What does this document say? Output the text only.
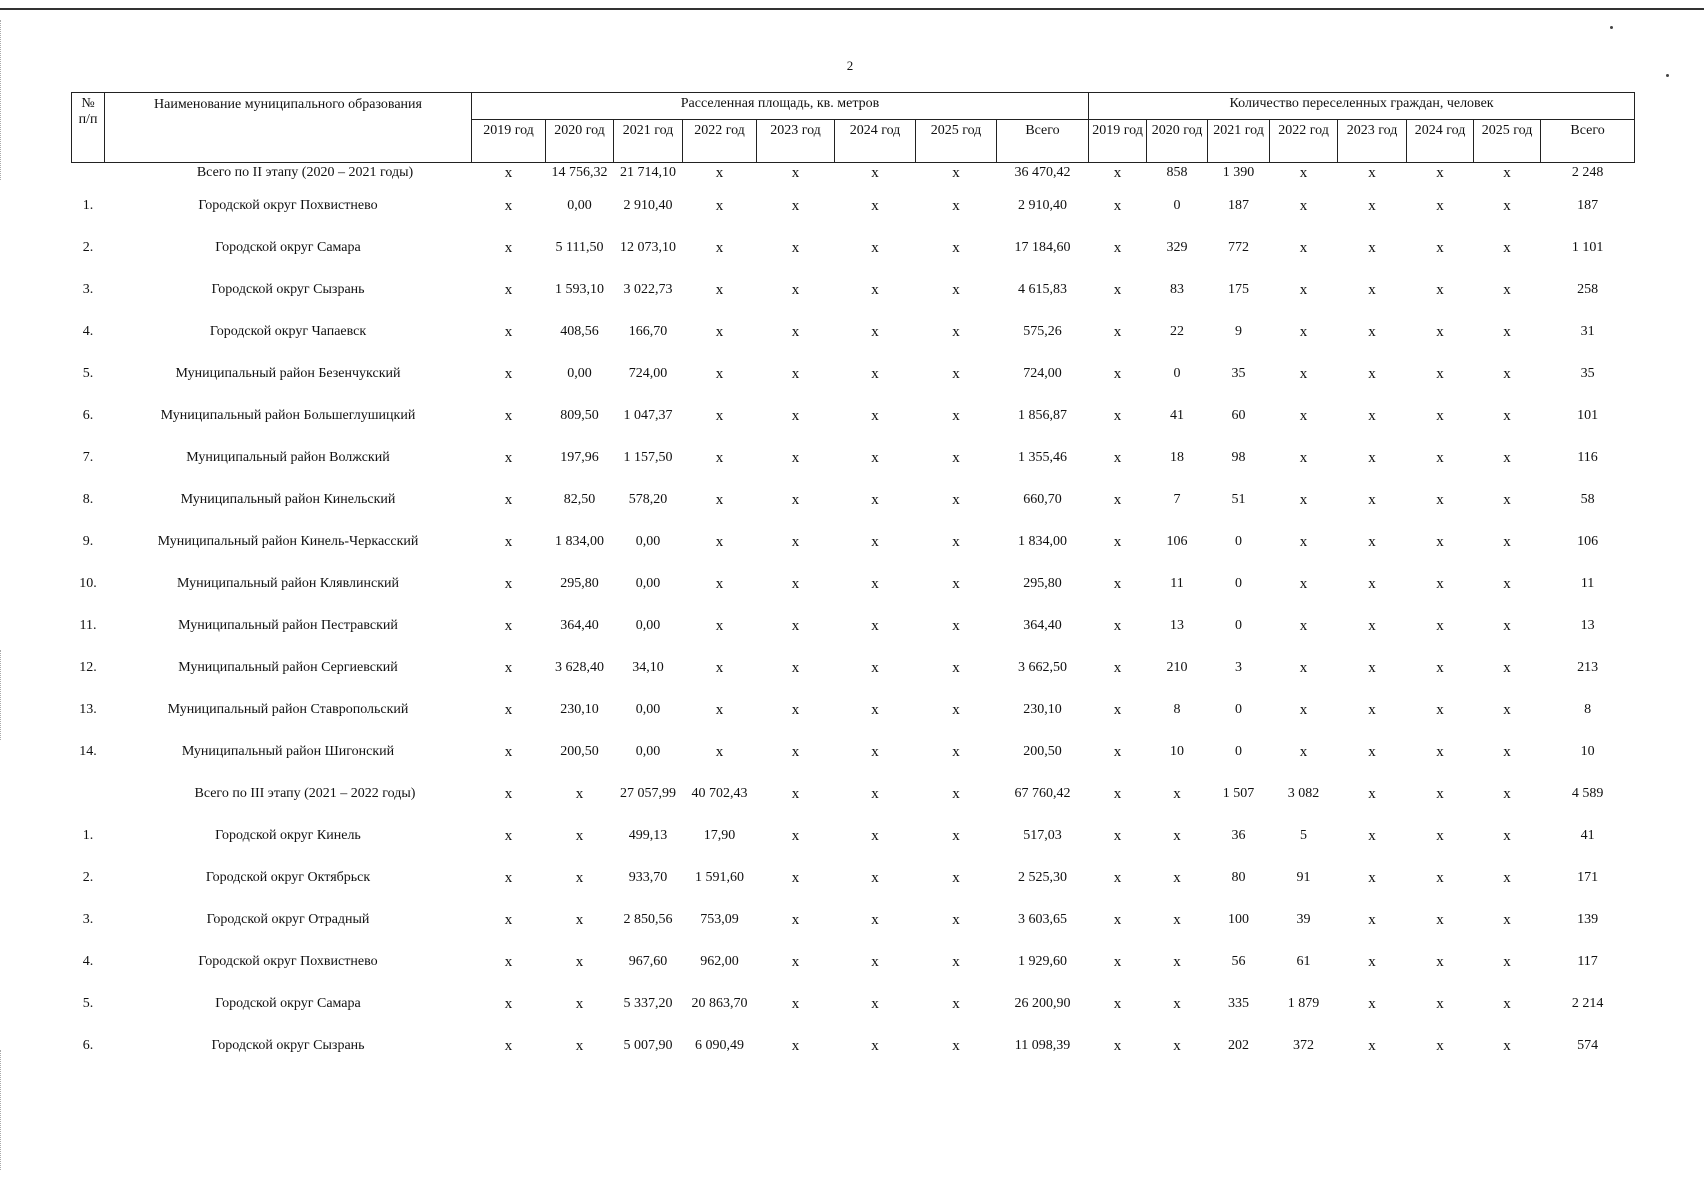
2
№ п/п	Наименование муниципального образования	Расселенная площадь, кв. метров								Количество переселенных граждан, человек							
		2019 год	2020 год	2021 год	2022 год	2023 год	2024 год	2025 год	Всего	2019 год	2020 год	2021 год	2022 год	2023 год	2024 год	2025 год	Всего
	Всего по II этапу (2020 – 2021 годы)	x	14 756,32	21 714,10	x	x	x	x	36 470,42	x	858	1 390	x	x	x	x	2 248
1.	Городской округ Похвистнево	x	0,00	2 910,40	x	x	x	x	2 910,40	x	0	187	x	x	x	x	187
2.	Городской округ Самара	x	5 111,50	12 073,10	x	x	x	x	17 184,60	x	329	772	x	x	x	x	1 101
3.	Городской округ Сызрань	x	1 593,10	3 022,73	x	x	x	x	4 615,83	x	83	175	x	x	x	x	258
4.	Городской округ Чапаевск	x	408,56	166,70	x	x	x	x	575,26	x	22	9	x	x	x	x	31
5.	Муниципальный район Безенчукский	x	0,00	724,00	x	x	x	x	724,00	x	0	35	x	x	x	x	35
6.	Муниципальный район Большеглушицкий	x	809,50	1 047,37	x	x	x	x	1 856,87	x	41	60	x	x	x	x	101
7.	Муниципальный район Волжский	x	197,96	1 157,50	x	x	x	x	1 355,46	x	18	98	x	x	x	x	116
8.	Муниципальный район Кинельский	x	82,50	578,20	x	x	x	x	660,70	x	7	51	x	x	x	x	58
9.	Муниципальный район Кинель-Черкасский	x	1 834,00	0,00	x	x	x	x	1 834,00	x	106	0	x	x	x	x	106
10.	Муниципальный район Клявлинский	x	295,80	0,00	x	x	x	x	295,80	x	11	0	x	x	x	x	11
11.	Муниципальный район Пестравский	x	364,40	0,00	x	x	x	x	364,40	x	13	0	x	x	x	x	13
12.	Муниципальный район Сергиевский	x	3 628,40	34,10	x	x	x	x	3 662,50	x	210	3	x	x	x	x	213
13.	Муниципальный район Ставропольский	x	230,10	0,00	x	x	x	x	230,10	x	8	0	x	x	x	x	8
14.	Муниципальный район Шигонский	x	200,50	0,00	x	x	x	x	200,50	x	10	0	x	x	x	x	10
	Всего по III этапу (2021 – 2022 годы)	x	x	27 057,99	40 702,43	x	x	x	67 760,42	x	x	1 507	3 082	x	x	x	4 589
1.	Городской округ Кинель	x	x	499,13	17,90	x	x	x	517,03	x	x	36	5	x	x	x	41
2.	Городской округ Октябрьск	x	x	933,70	1 591,60	x	x	x	2 525,30	x	x	80	91	x	x	x	171
3.	Городской округ Отрадный	x	x	2 850,56	753,09	x	x	x	3 603,65	x	x	100	39	x	x	x	139
4.	Городской округ Похвистнево	x	x	967,60	962,00	x	x	x	1 929,60	x	x	56	61	x	x	x	117
5.	Городской округ Самара	x	x	5 337,20	20 863,70	x	x	x	26 200,90	x	x	335	1 879	x	x	x	2 214
6.	Городской округ Сызрань	x	x	5 007,90	6 090,49	x	x	x	11 098,39	x	x	202	372	x	x	x	574
